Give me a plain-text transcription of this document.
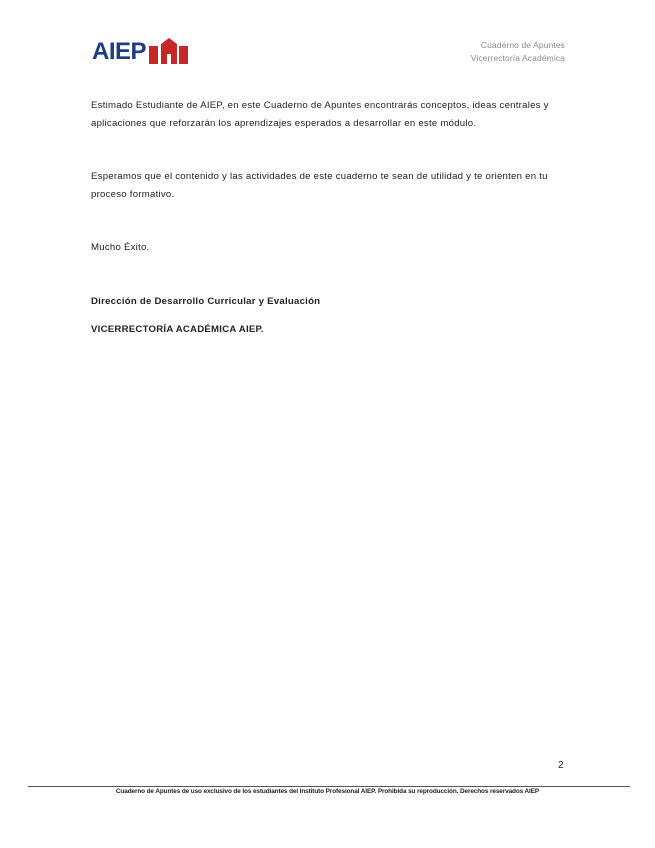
AIEP	Cuaderno de Apuntes
Vicerrectoría Académica

Estimado Estudiante de AIEP, en este Cuaderno de Apuntes encontrarás conceptos, ideas centrales y aplicaciones que reforzarán los aprendizajes esperados a desarrollar en este módulo.

Esperamos que el contenido y las actividades de este cuaderno te sean de utilidad y te orienten en tu proceso formativo.

Mucho Éxito.

Dirección de Desarrollo Curricular y Evaluación

VICERRECTORÍA ACADÉMICA AIEP.

2
Cuaderno de Apuntes de uso exclusivo de los estudiantes del Instituto Profesional AIEP. Prohibida su reproducción. Derechos reservados AIEP
